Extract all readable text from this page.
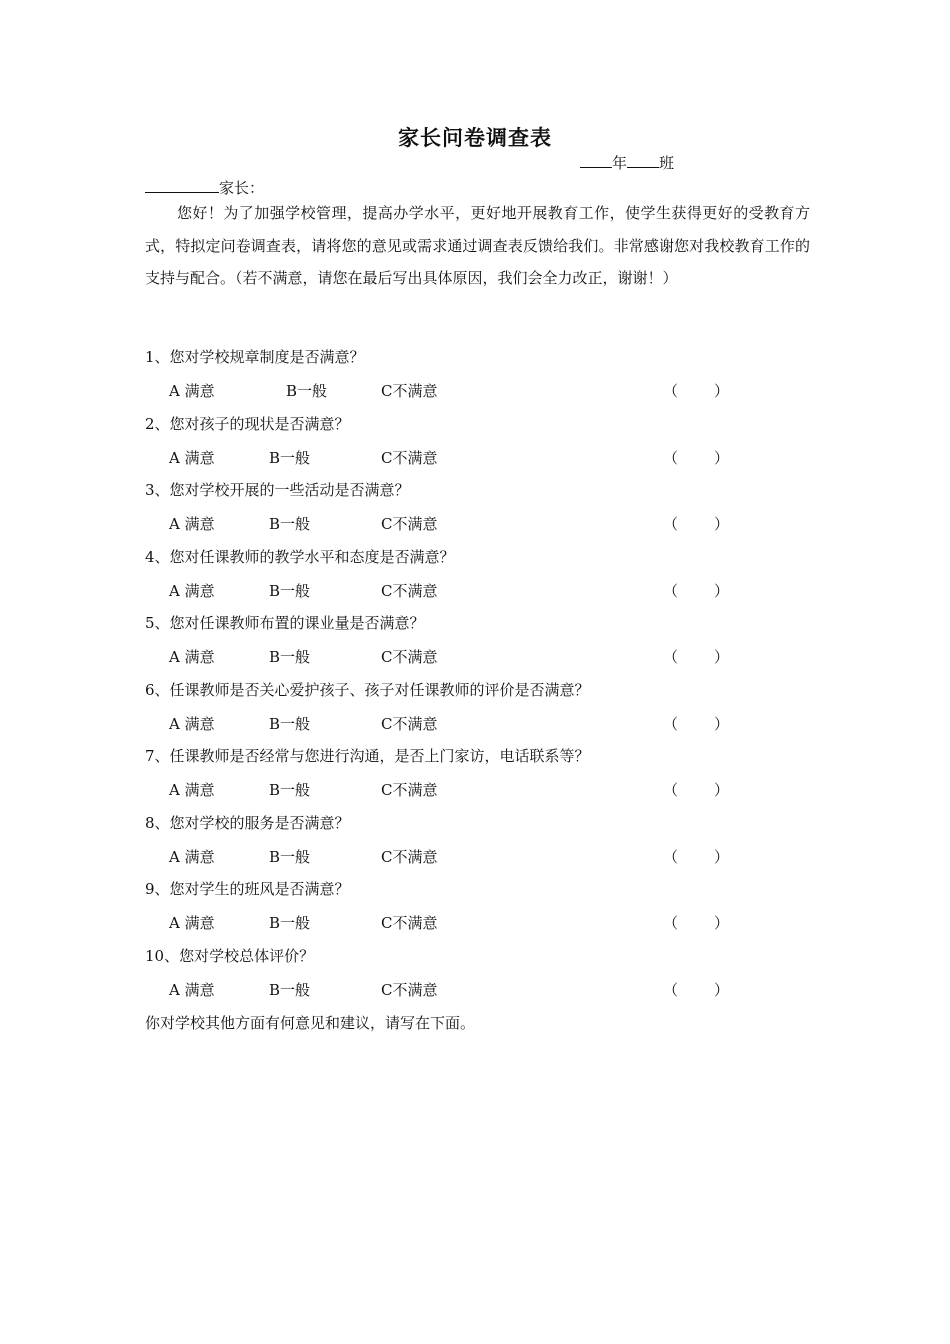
家长问卷调查表
年 班
家长：

您好！为了加强学校管理，提高办学水平，更好地开展教育工作，使学生获得更好的受教育方式，特拟定问卷调查表，请将您的意见或需求通过调查表反馈给我们。非常感谢您对我校教育工作的支持与配合。（若不满意，请您在最后写出具体原因，我们会全力改正，谢谢！）

1、您对学校规章制度是否满意？
A 满意	B一般	C不满意	（ ）
2、您对孩子的现状是否满意？
A 满意	B一般	C不满意	（ ）
3、您对学校开展的一些活动是否满意？
A 满意	B一般	C不满意	（ ）
4、您对任课教师的教学水平和态度是否满意？
A 满意	B一般	C不满意	（ ）
5、您对任课教师布置的课业量是否满意？
A 满意	B一般	C不满意	（ ）
6、任课教师是否关心爱护孩子、孩子对任课教师的评价是否满意？
A 满意	B一般	C不满意	（ ）
7、任课教师是否经常与您进行沟通，是否上门家访，电话联系等？
A 满意	B一般	C不满意	（ ）
8、您对学校的服务是否满意？
A 满意	B一般	C不满意	（ ）
9、您对学生的班风是否满意？
A 满意	B一般	C不满意	（ ）
10、您对学校总体评价？
A 满意	B一般	C不满意	（ ）
你对学校其他方面有何意见和建议，请写在下面。
